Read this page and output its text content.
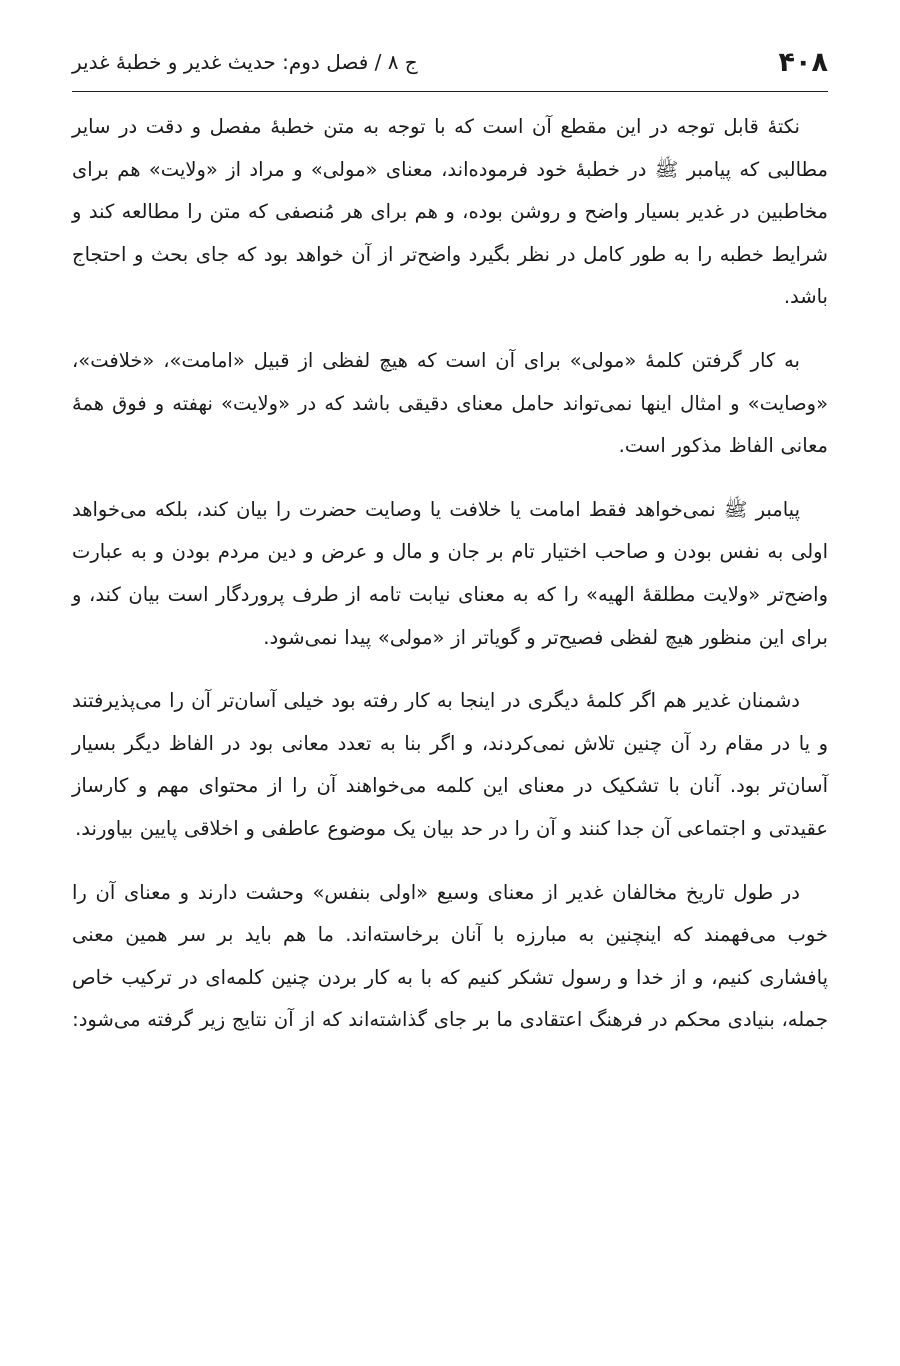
۴۰۸
ج ۸ / فصل دوم: حدیث غدیر و خطبهٔ غدیر

نکتهٔ قابل توجه در این مقطع آن است که با توجه به متن خطبهٔ مفصل و دقت در سایر مطالبی که پیامبر ﷺ در خطبهٔ خود فرموده‌اند، معنای «مولی» و مراد از «ولایت» هم برای مخاطبین در غدیر بسیار واضح و روشن بوده، و هم برای هر مُنصفی که متن را مطالعه کند و شرایط خطبه را به طور کامل در نظر بگیرد واضح‌تر از آن خواهد بود که جای بحث و احتجاج باشد.

به کار گرفتن کلمهٔ «مولی» برای آن است که هیچ لفظی از قبیل «امامت»، «خلافت»، «وصایت» و امثال اینها نمی‌تواند حامل معنای دقیقی باشد که در «ولایت» نهفته و فوق همهٔ معانی الفاظ مذکور است.

پیامبر ﷺ نمی‌خواهد فقط امامت یا خلافت یا وصایت حضرت را بیان کند، بلکه می‌خواهد اولی به نفس بودن و صاحب اختیار تام بر جان و مال و عرض و دین مردم بودن و به عبارت واضح‌تر «ولایت مطلقهٔ الهیه» را که به معنای نیابت تامه از طرف پروردگار است بیان کند، و برای این منظور هیچ لفظی فصیح‌تر و گویاتر از «مولی» پیدا نمی‌شود.

دشمنان غدیر هم اگر کلمهٔ دیگری در اینجا به کار رفته بود خیلی آسان‌تر آن را می‌پذیرفتند و یا در مقام رد آن چنین تلاش نمی‌کردند، و اگر بنا به تعدد معانی بود در الفاظ دیگر بسیار آسان‌تر بود. آنان با تشکیک در معنای این کلمه می‌خواهند آن را از محتوای مهم و کارساز عقیدتی و اجتماعی آن جدا کنند و آن را در حد بیان یک موضوع عاطفی و اخلاقی پایین بیاورند.

در طول تاریخ مخالفان غدیر از معنای وسیع «اولی بنفس» وحشت دارند و معنای آن را خوب می‌فهمند که اینچنین به مبارزه با آنان برخاسته‌اند. ما هم باید بر سر همین معنی پافشاری کنیم، و از خدا و رسول تشکر کنیم که با به کار بردن چنین کلمه‌ای در ترکیب خاص جمله، بنیادی محکم در فرهنگ اعتقادی ما بر جای گذاشته‌اند که از آن نتایج زیر گرفته می‌شود:
